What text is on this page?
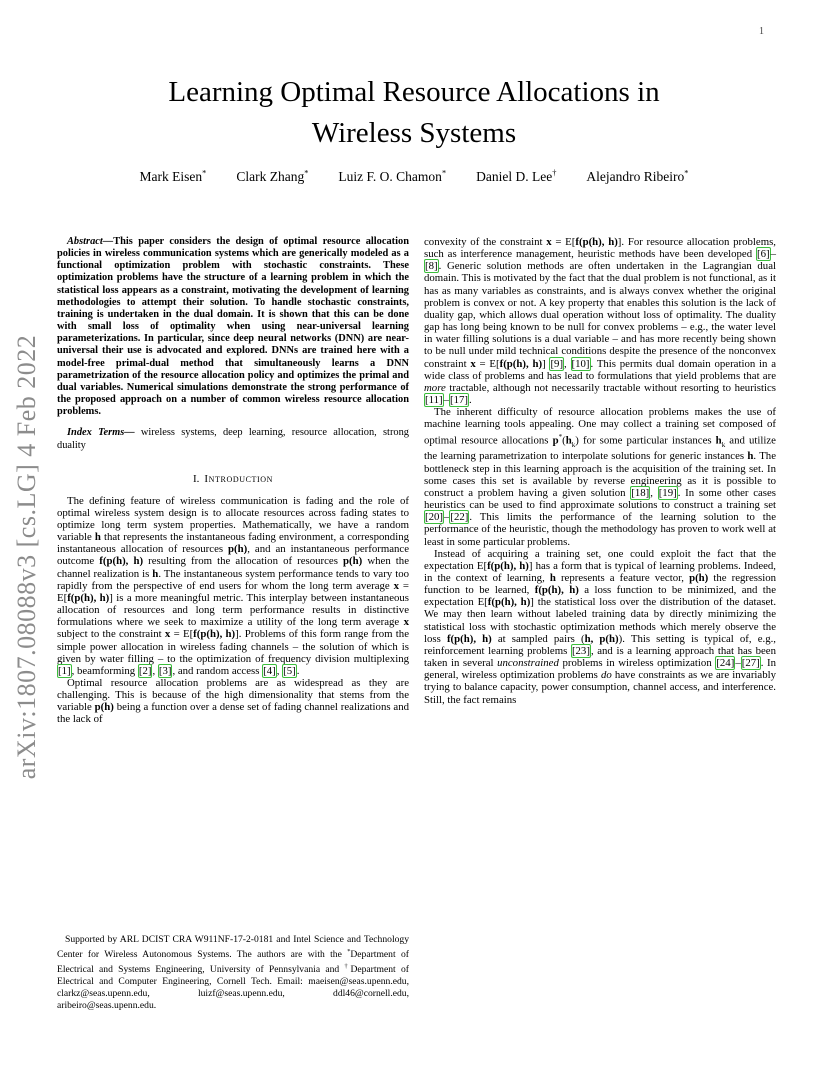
1
arXiv:1807.08088v3 [cs.LG] 4 Feb 2022
Learning Optimal Resource Allocations in
Wireless Systems
Mark Eisen* Clark Zhang* Luiz F. O. Chamon* Daniel D. Lee† Alejandro Ribeiro*

Abstract—This paper considers the design of optimal resource allocation policies in wireless communication systems which are generically modeled as a functional optimization problem with stochastic constraints. These optimization problems have the structure of a learning problem in which the statistical loss appears as a constraint, motivating the development of learning methodologies to attempt their solution. To handle stochastic constraints, training is undertaken in the dual domain. It is shown that this can be done with small loss of optimality when using near-universal learning parameterizations. In particular, since deep neural networks (DNN) are near-universal their use is advocated and explored. DNNs are trained here with a model-free primal-dual method that simultaneously learns a DNN parametrization of the resource allocation policy and optimizes the primal and dual variables. Numerical simulations demonstrate the strong performance of the proposed approach on a number of common wireless resource allocation problems.

Index Terms— wireless systems, deep learning, resource allocation, strong duality

I. Introduction

The defining feature of wireless communication is fading and the role of optimal wireless system design is to allocate resources across fading states to optimize long term system properties. Mathematically, we have a random variable h that represents the instantaneous fading environment, a corresponding instantaneous allocation of resources p(h), and an instantaneous performance outcome f(p(h), h) resulting from the allocation of resources p(h) when the channel realization is h. The instantaneous system performance tends to vary too rapidly from the perspective of end users for whom the long term average x = E[f(p(h), h)] is a more meaningful metric. This interplay between instantaneous allocation of resources and long term performance results in distinctive formulations where we seek to maximize a utility of the long term average x subject to the constraint x = E[f(p(h), h)]. Problems of this form range from the simple power allocation in wireless fading channels – the solution of which is given by water filling – to the optimization of frequency division multiplexing [1], beamforming [2], [3], and random access [4], [5].

Optimal resource allocation problems are as widespread as they are challenging. This is because of the high dimensionality that stems from the variable p(h) being a function over a dense set of fading channel realizations and the lack of

Supported by ARL DCIST CRA W911NF-17-2-0181 and Intel Science and Technology Center for Wireless Autonomous Systems. The authors are with the *Department of Electrical and Systems Engineering, University of Pennsylvania and †Department of Electrical and Computer Engineering, Cornell Tech. Email: maeisen@seas.upenn.edu, clarkz@seas.upenn.edu, luizf@seas.upenn.edu, ddl46@cornell.edu, aribeiro@seas.upenn.edu.

convexity of the constraint x = E[f(p(h), h)]. For resource allocation problems, such as interference management, heuristic methods have been developed [6]–[8]. Generic solution methods are often undertaken in the Lagrangian dual domain. This is motivated by the fact that the dual problem is not functional, as it has as many variables as constraints, and is always convex whether the original problem is convex or not. A key property that enables this solution is the lack of duality gap, which allows dual operation without loss of optimality. The duality gap has long being known to be null for convex problems – e.g., the water level in water filling solutions is a dual variable – and has more recently being shown to be null under mild technical conditions despite the presence of the nonconvex constraint x = E[f(p(h), h)] [9], [10]. This permits dual domain operation in a wide class of problems and has lead to formulations that yield problems that are more tractable, although not necessarily tractable without resorting to heuristics [11]–[17].

The inherent difficulty of resource allocation problems makes the use of machine learning tools appealing. One may collect a training set composed of optimal resource allocations $p^*(h_k)$ for some particular instances $h_k$ and utilize the learning parametrization to interpolate solutions for generic instances h. The bottleneck step in this learning approach is the acquisition of the training set. In some cases this set is available by reverse engineering as it is possible to construct a problem having a given solution [18], [19]. In some other cases heuristics can be used to find approximate solutions to construct a training set [20]–[22]. This limits the performance of the learning solution to the performance of the heuristic, though the methodology has proven to work well at least in some particular problems.

Instead of acquiring a training set, one could exploit the fact that the expectation E[f(p(h), h)] has a form that is typical of learning problems. Indeed, in the context of learning, h represents a feature vector, p(h) the regression function to be learned, f(p(h), h) a loss function to be minimized, and the expectation E[f(p(h), h)] the statistical loss over the distribution of the dataset. We may then learn without labeled training data by directly minimizing the statistical loss with stochastic optimization methods which merely observe the loss f(p(h), h) at sampled pairs (h, p(h)). This setting is typical of, e.g., reinforcement learning problems [23], and is a learning approach that has been taken in several unconstrained problems in wireless optimization [24]–[27]. In general, wireless optimization problems do have constraints as we are invariably trying to balance capacity, power consumption, channel access, and interference. Still, the fact remains
